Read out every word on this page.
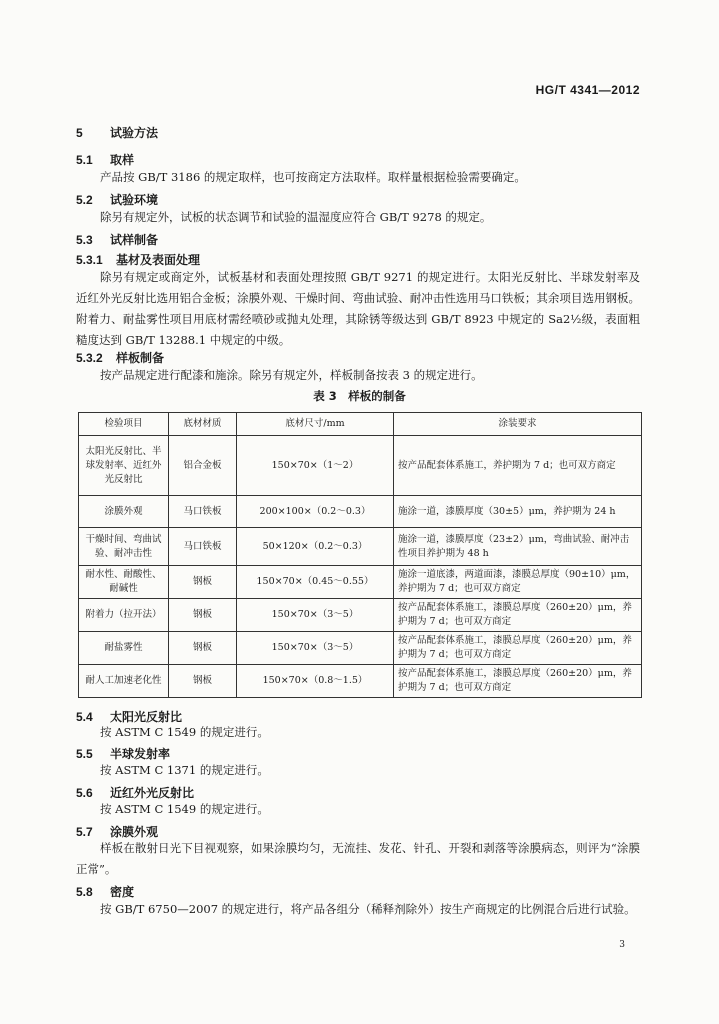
HG/T 4341—2012
5 试验方法
5.1 取样
产品按 GB/T 3186 的规定取样，也可按商定方法取样。取样量根据检验需要确定。
5.2 试验环境
除另有规定外，试板的状态调节和试验的温湿度应符合 GB/T 9278 的规定。
5.3 试样制备
5.3.1 基材及表面处理
除另有规定或商定外，试板基材和表面处理按照 GB/T 9271 的规定进行。太阳光反射比、半球发射率及近红外光反射比选用铝合金板；涂膜外观、干燥时间、弯曲试验、耐冲击性选用马口铁板；其余项目选用钢板。附着力、耐盐雾性项目用底材需经喷砂或抛丸处理，其除锈等级达到 GB/T 8923 中规定的 Sa2½级，表面粗糙度达到 GB/T 13288.1 中规定的中级。
5.3.2 样板制备
按产品规定进行配漆和施涂。除另有规定外，样板制备按表 3 的规定进行。
表 3　样板的制备
检验项目	底材材质	底材尺寸/mm	涂装要求
太阳光反射比、半球发射率、近红外光反射比	铝合金板	150×70×（1～2）	按产品配套体系施工，养护期为 7 d；也可双方商定
涂膜外观	马口铁板	200×100×（0.2～0.3）	施涂一道，漆膜厚度（30±5）μm，养护期为 24 h
干燥时间、弯曲试验、耐冲击性	马口铁板	50×120×（0.2～0.3）	施涂一道，漆膜厚度（23±2）μm，弯曲试验、耐冲击性项目养护期为 48 h
耐水性、耐酸性、耐碱性	钢板	150×70×（0.45～0.55）	施涂一道底漆，两道面漆，漆膜总厚度（90±10）μm，养护期为 7 d；也可双方商定
附着力（拉开法）	钢板	150×70×（3～5）	按产品配套体系施工，漆膜总厚度（260±20）μm，养护期为 7 d；也可双方商定
耐盐雾性	钢板	150×70×（3～5）	按产品配套体系施工，漆膜总厚度（260±20）μm，养护期为 7 d；也可双方商定
耐人工加速老化性	钢板	150×70×（0.8～1.5）	按产品配套体系施工，漆膜总厚度（260±20）μm，养护期为 7 d；也可双方商定
5.4 太阳光反射比
按 ASTM C 1549 的规定进行。
5.5 半球发射率
按 ASTM C 1371 的规定进行。
5.6 近红外光反射比
按 ASTM C 1549 的规定进行。
5.7 涂膜外观
样板在散射日光下目视观察，如果涂膜均匀，无流挂、发花、针孔、开裂和剥落等涂膜病态，则评为“涂膜正常”。
5.8 密度
按 GB/T 6750—2007 的规定进行，将产品各组分（稀释剂除外）按生产商规定的比例混合后进行试验。
3
